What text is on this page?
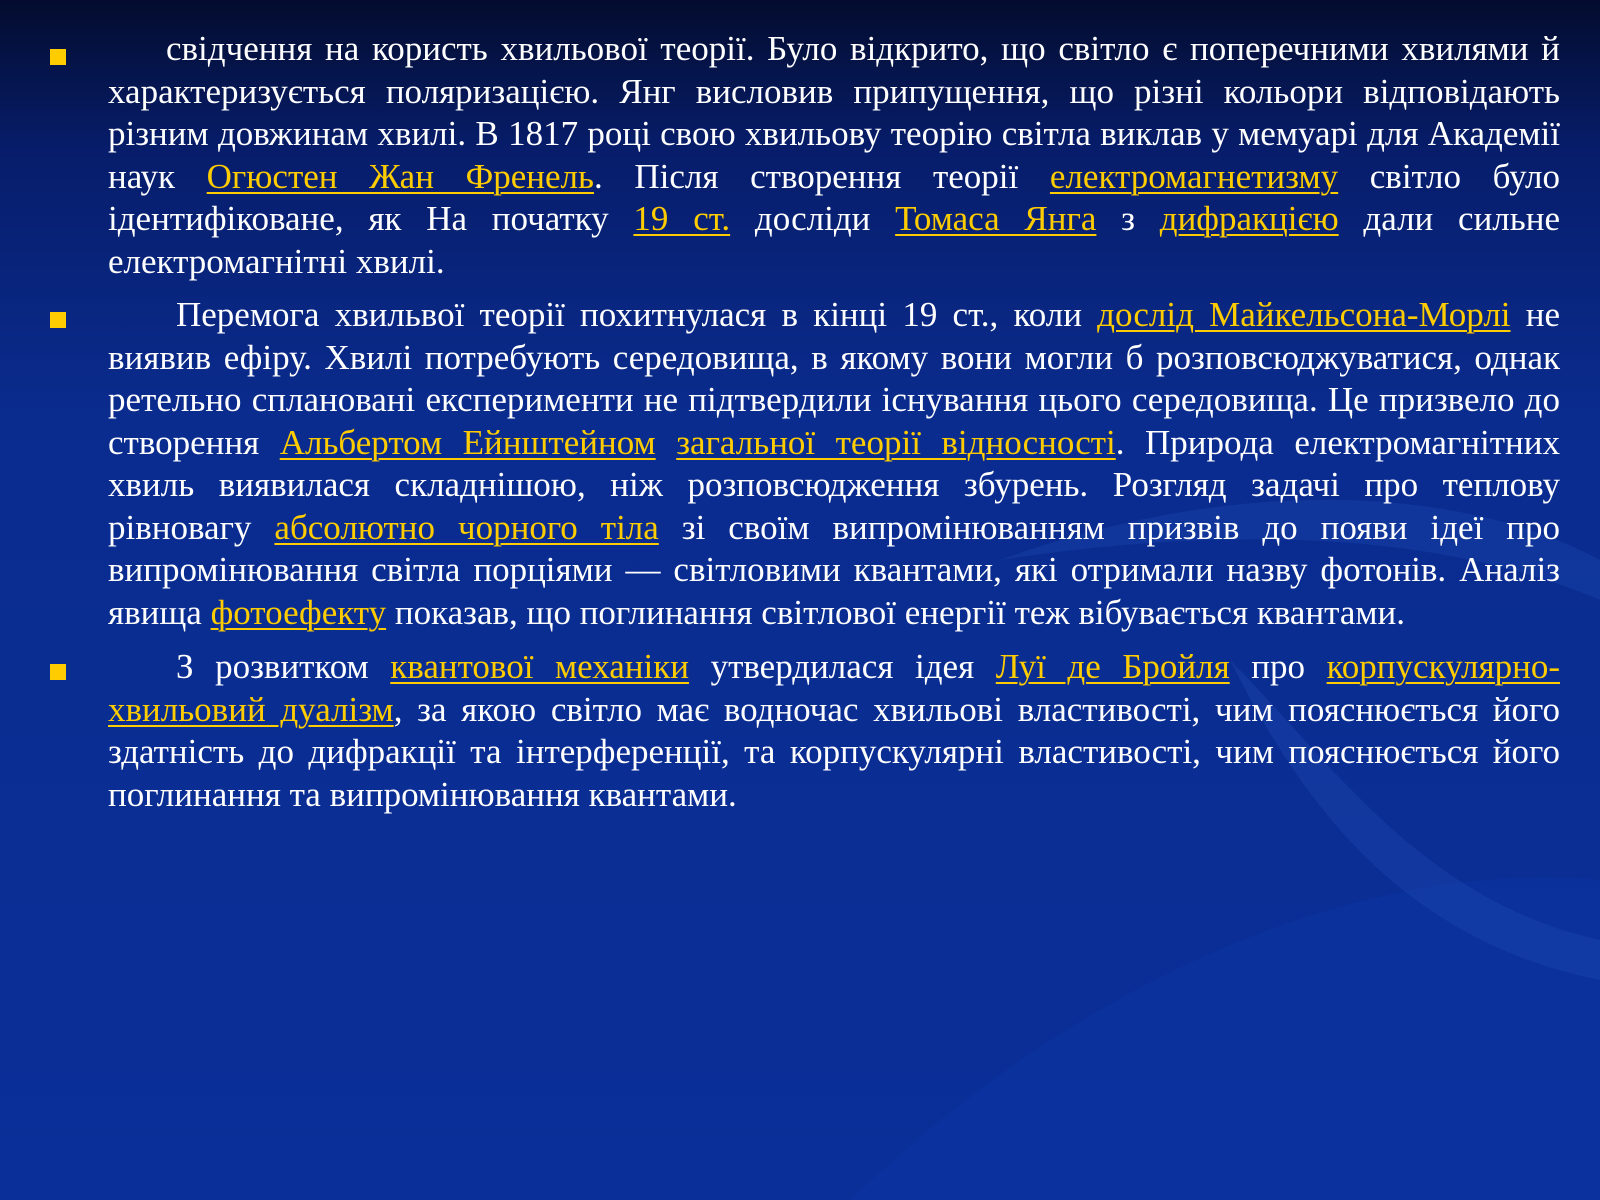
свідчення на користь хвильової теорії. Було відкрито, що світло є поперечними хвилями й характеризується поляризацією. Янг висловив припущення, що різні кольори відповідають різним довжинам хвилі. В 1817 році свою хвильову теорію світла виклав у мемуарі для Академії наук Огюстен Жан Френель. Після створення теорії електромагнетизму світло було ідентифіковане, як На початку 19 ст. досліди Томаса Янга з дифракцією дали сильне електромагнітні хвилі.
Перемога хвильвої теорії похитнулася в кінці 19 ст., коли дослід Майкельсона-Морлі не виявив ефіру. Хвилі потребують середовища, в якому вони могли б розповсюджуватися, однак ретельно сплановані експерименти не підтвердили існування цього середовища. Це призвело до створення Альбертом Ейнштейном загальної теорії відносності. Природа електромагнітних хвиль виявилася складнішою, ніж розповсюдження збурень. Розгляд задачі про теплову рівновагу абсолютно чорного тіла зі своїм випромінюванням призвів до появи ідеї про випромінювання світла порціями — світловими квантами, які отримали назву фотонів. Аналіз явища фотоефекту показав, що поглинання світлової енергії теж вібувається квантами.
З розвитком квантової механіки утвердилася ідея Луї де Бройля про корпускулярно-хвильовий дуалізм, за якою світло має водночас хвильові властивості, чим пояснюється його здатність до дифракції та інтерференції, та корпускулярні властивості, чим пояснюється його поглинання та випромінювання квантами.
